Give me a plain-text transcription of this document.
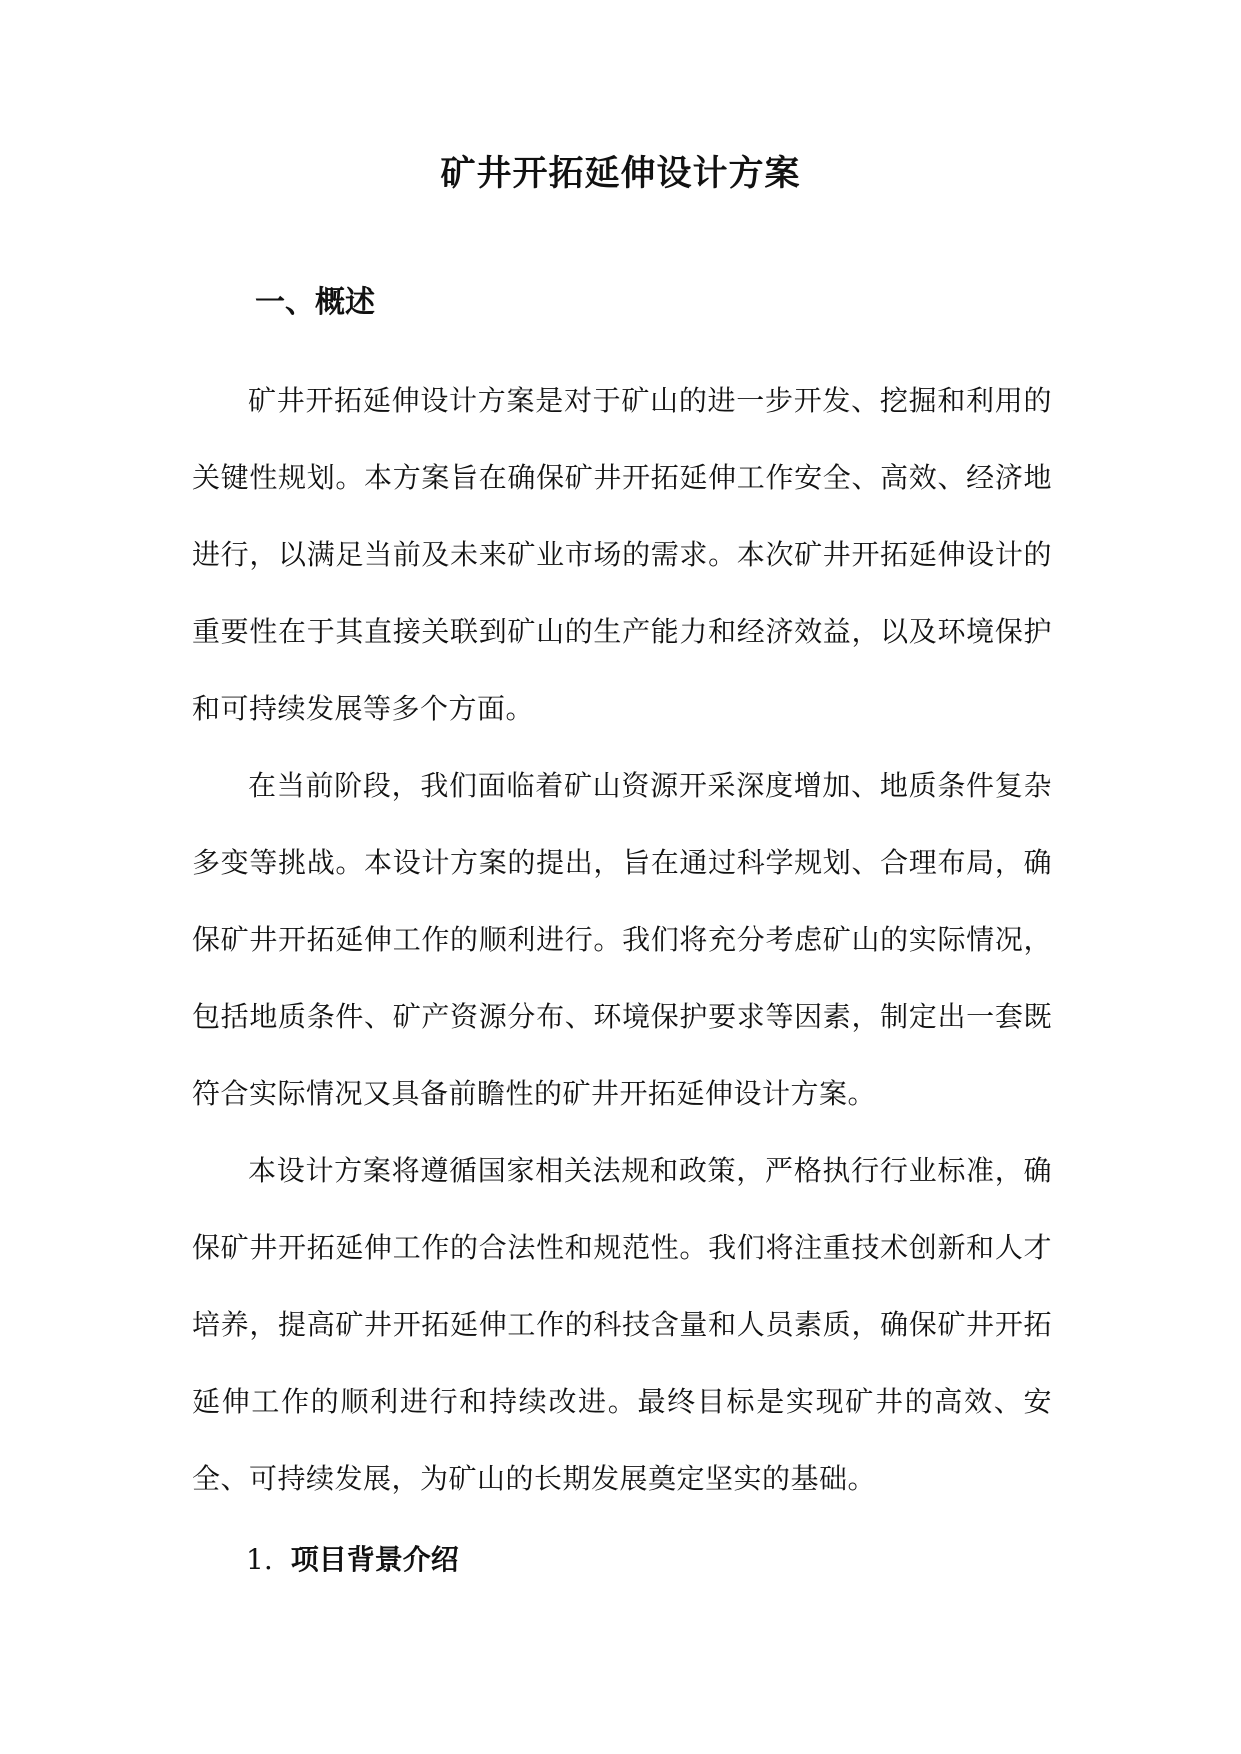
矿井开拓延伸设计方案
一、概述

矿井开拓延伸设计方案是对于矿山的进一步开发、挖掘和利用的关键性规划。本方案旨在确保矿井开拓延伸工作安全、高效、经济地进行，以满足当前及未来矿业市场的需求。本次矿井开拓延伸设计的重要性在于其直接关联到矿山的生产能力和经济效益，以及环境保护和可持续发展等多个方面。

在当前阶段，我们面临着矿山资源开采深度增加、地质条件复杂多变等挑战。本设计方案的提出，旨在通过科学规划、合理布局，确保矿井开拓延伸工作的顺利进行。我们将充分考虑矿山的实际情况，包括地质条件、矿产资源分布、环境保护要求等因素，制定出一套既符合实际情况又具备前瞻性的矿井开拓延伸设计方案。

本设计方案将遵循国家相关法规和政策，严格执行行业标准，确保矿井开拓延伸工作的合法性和规范性。我们将注重技术创新和人才培养，提高矿井开拓延伸工作的科技含量和人员素质，确保矿井开拓延伸工作的顺利进行和持续改进。最终目标是实现矿井的高效、安全、可持续发展，为矿山的长期发展奠定坚实的基础。

1. 项目背景介绍
